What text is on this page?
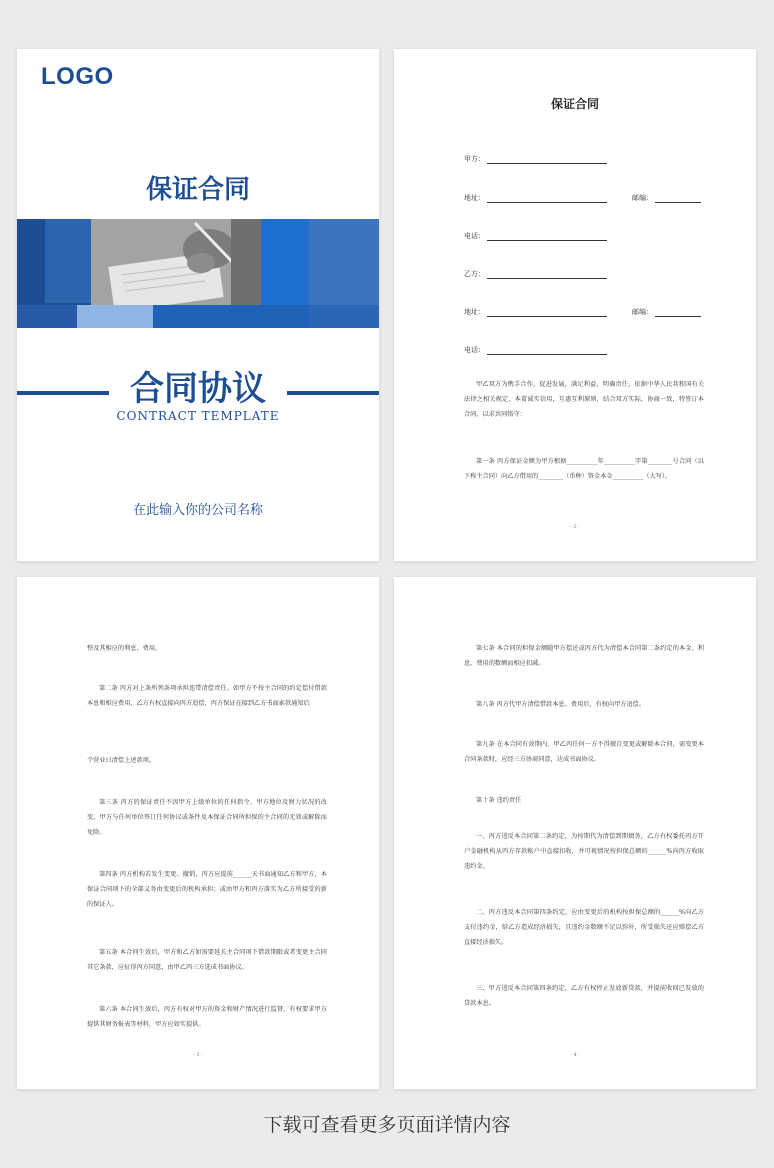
LOGO
保证合同
合同协议
CONTRACT TEMPLATE
在此输入你的公司名称
保证合同
甲方：
地址：	邮编：
电话：
乙方：
地址：	邮编：
电话：
甲乙双方为携手合作，促进发展，满足利益，明确责任，依据中华人民共和国有关法律之相关规定，本着诚实信用，互惠互利原则，结合双方实际，协商一致，特签订本合同，以求共同恪守：
第一条 丙方保证金额为甲方根据__________年__________字第________号合同（以下称主合同）向乙方借用的________（币种）资金本金__________（大写）。
- 2 -
整及其相应的利息、费用。
第二条 丙方对上条所列条项承担连带清偿责任。如甲方不按主合同的约定偿付借款本息和相应费用，乙方有权直接向丙方追偿，丙方保证在接到乙方书面索款通知后
个营业日清偿上述款项。
第三条 丙方的保证责任不因甲方上级单位的任何指令、甲方地位及财力状况的改变、甲方与任何单位签订任何协议或条件及本保证合同所担保的主合同的无效或解除而免除。
第四条 丙方机构若发生变更、撤销，丙方应提前______天书面通知乙方和甲方，本保证合同项下的全部义务由变更后的机构承担；或由甲方和丙方落实为乙方所接受的新的保证人。
第五条 本合同生效后，甲方和乙方如需要延长主合同项下借款期限或者变更主合同其它条款，应征得丙方同意，由甲乙丙三方选成书面协议。
第六条 本合同生效后，丙方有权对甲方的资金和财产情况进行监督，有权要求甲方提供其财务报表等材料，甲方应如实提供。
- 3 -
第七条 本合同的担保金额随甲方偿还或丙方代为清偿本合同第二条约定的本金、利息、费用的数额而相应扣减。
第八条 丙方代甲方清偿借款本息、费用后，有权向甲方追偿。
第九条 在本合同有效期内，甲乙丙任何一方不得擅自变更或解除本合同，需变更本合同条款时，应经三方协商同意，达成书面协议。
第十条 违约责任
一、丙方违反本合同第二条约定，为按期代为清偿到期债务，乙方有权委托丙方开户金融机构从丙方存款帐户中直接扣收，并可视情况按担保总额的______%向丙方收取违约金。
二、丙方违反本合同第四条约定，应由变更后的机构按担保总额的______%向乙方支付违约金，给乙方造成经济损失，且违约金数额不足以弥补，所受损失还应赔偿乙方直接经济损失。
三、甲方违反本合同第四条约定，乙方有权停止发放新贷款，并提前收回已发放的贷款本息。
- 4 -
下载可查看更多页面详情内容
